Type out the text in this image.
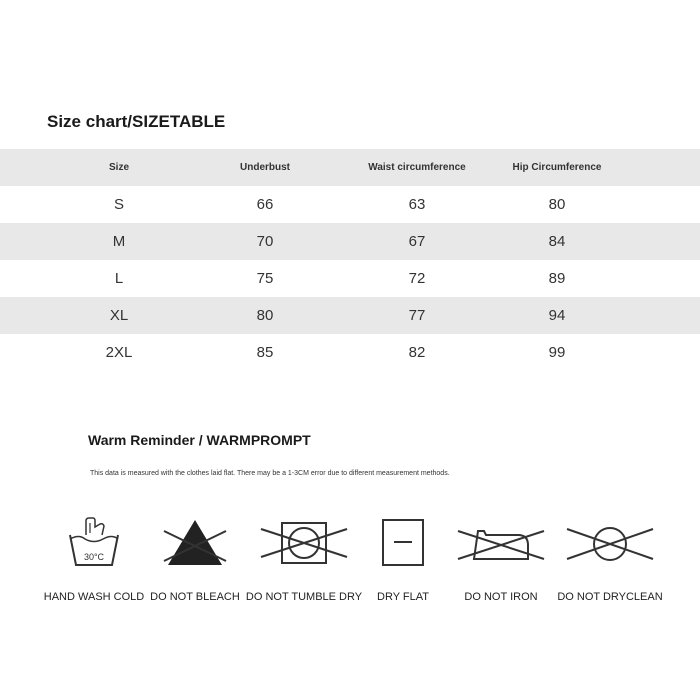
Size chart/SIZETABLE
Size	Underbust	Waist circumference	Hip Circumference
S	66	63	80
M	70	67	84
L	75	72	89
XL	80	77	94
2XL	85	82	99
Warm Reminder / WARMPROMPT
This data is measured with the clothes laid flat. There may be a 1-3CM error due to different measurement methods.
30°C
HAND WASH COLD DO NOT BLEACH DO NOT TUMBLE DRY DRY FLAT	DO NOT IRON DO NOT DRYCLEAN
